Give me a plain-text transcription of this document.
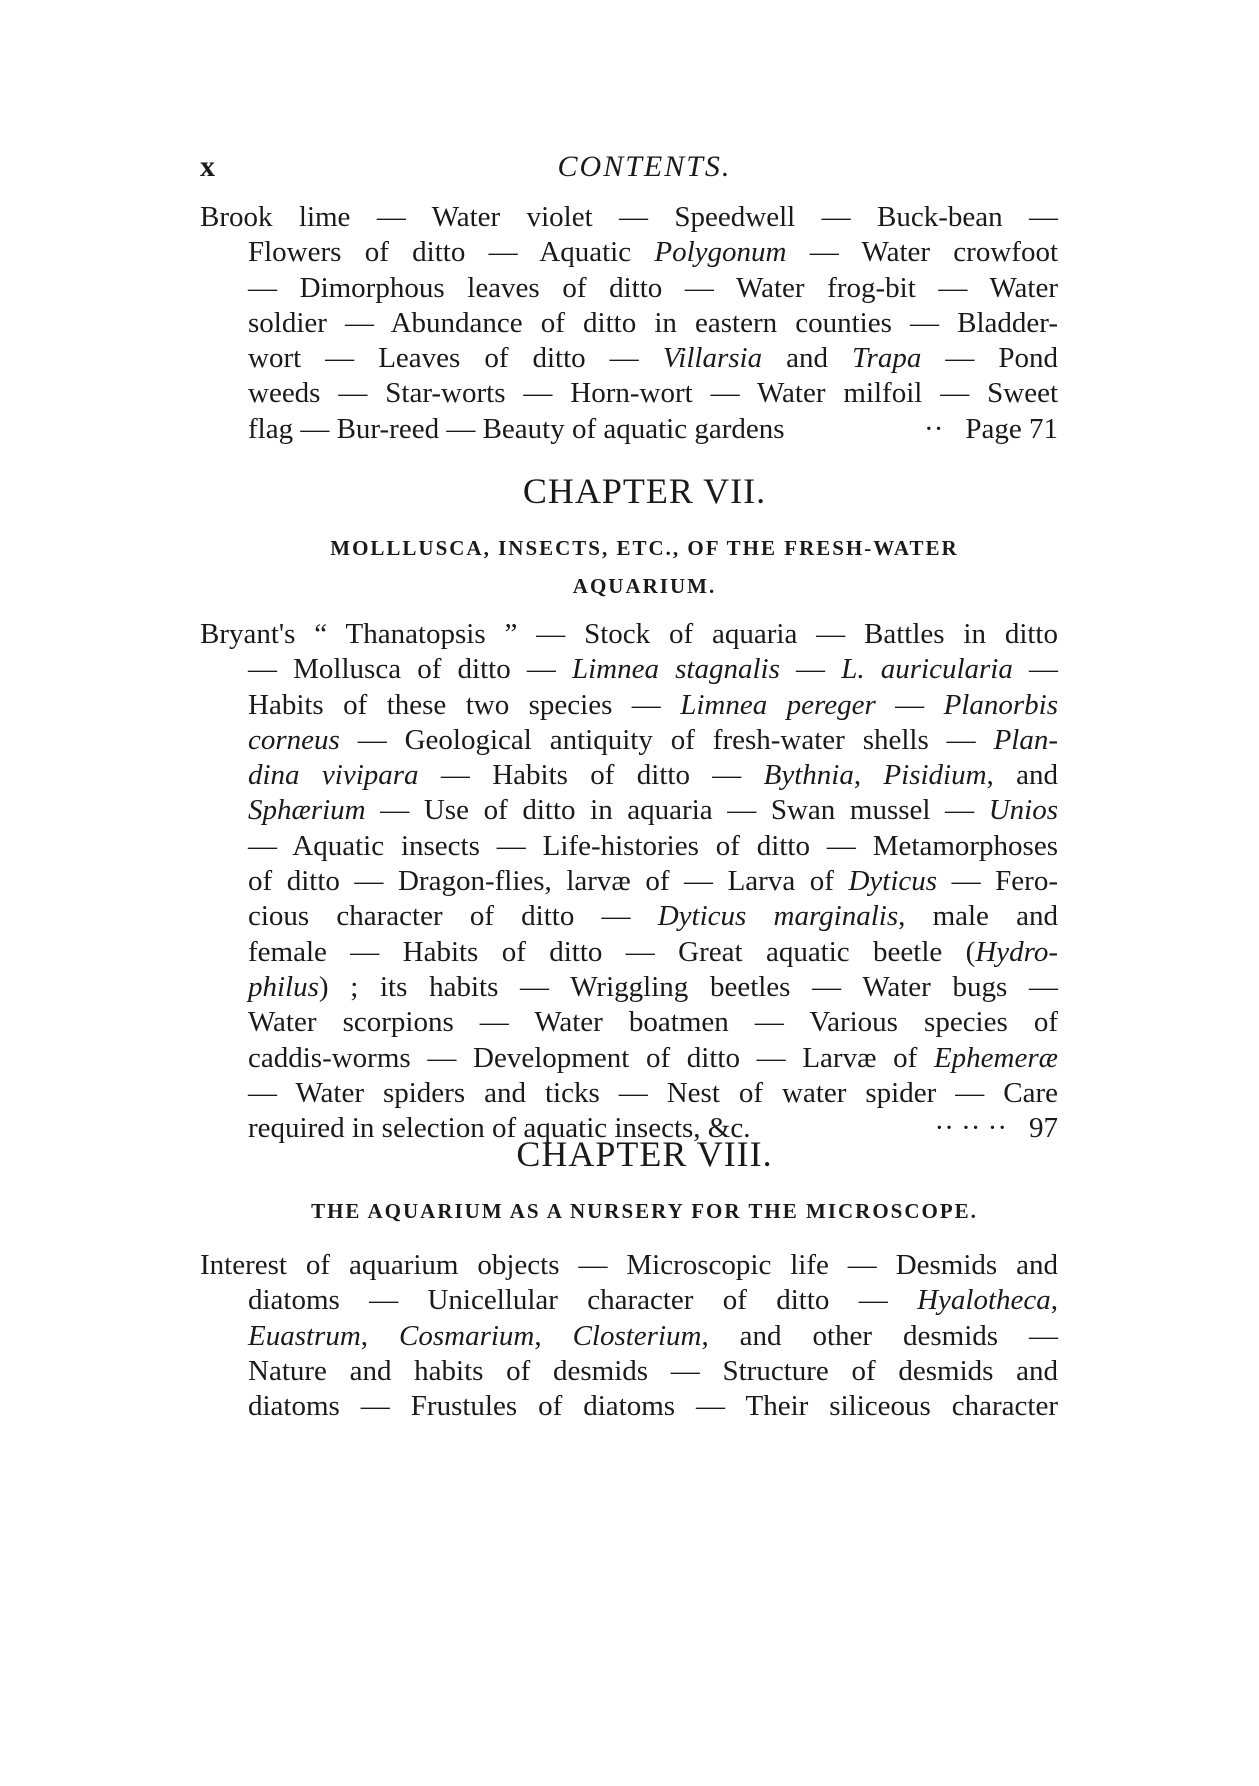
x	CONTENTS.
Brook lime — Water violet — Speedwell — Buck-bean —
Flowers of ditto — Aquatic Polygonum — Water crowfoot
— Dimorphous leaves of ditto — Water frog-bit — Water
soldier — Abundance of ditto in eastern counties — Bladder-
wort — Leaves of ditto — Villarsia and Trapa — Pond
weeds — Star-worts — Horn-wort — Water milfoil — Sweet
flag — Bur-reed — Beauty of aquatic gardens	·· Page 71
CHAPTER VII.
MOLLLUSCA, INSECTS, ETC., OF THE FRESH-WATER
AQUARIUM.
Bryant's “ Thanatopsis ” — Stock of aquaria — Battles in ditto
— Mollusca of ditto — Limnea stagnalis — L. auricularia —
Habits of these two species — Limnea pereger — Planorbis
corneus — Geological antiquity of fresh-water shells — Plan-
dina vivipara — Habits of ditto — Bythnia, Pisidium, and
Sphærium — Use of ditto in aquaria — Swan mussel — Unios
— Aquatic insects — Life-histories of ditto — Metamorphoses
of ditto — Dragon-flies, larvæ of — Larva of Dyticus — Fero-
cious character of ditto — Dyticus marginalis, male and
female — Habits of ditto — Great aquatic beetle (Hydro-
philus) ; its habits — Wriggling beetles — Water bugs —
Water scorpions — Water boatmen — Various species of
caddis-worms — Development of ditto — Larvæ of Ephemeræ
— Water spiders and ticks — Nest of water spider — Care
required in selection of aquatic insects, &c.	·· ·· ·· 97
CHAPTER VIII.
THE AQUARIUM AS A NURSERY FOR THE MICROSCOPE.
Interest of aquarium objects — Microscopic life — Desmids and
diatoms — Unicellular character of ditto — Hyalotheca,
Euastrum, Cosmarium, Closterium, and other desmids —
Nature and habits of desmids — Structure of desmids and
diatoms — Frustules of diatoms — Their siliceous character
